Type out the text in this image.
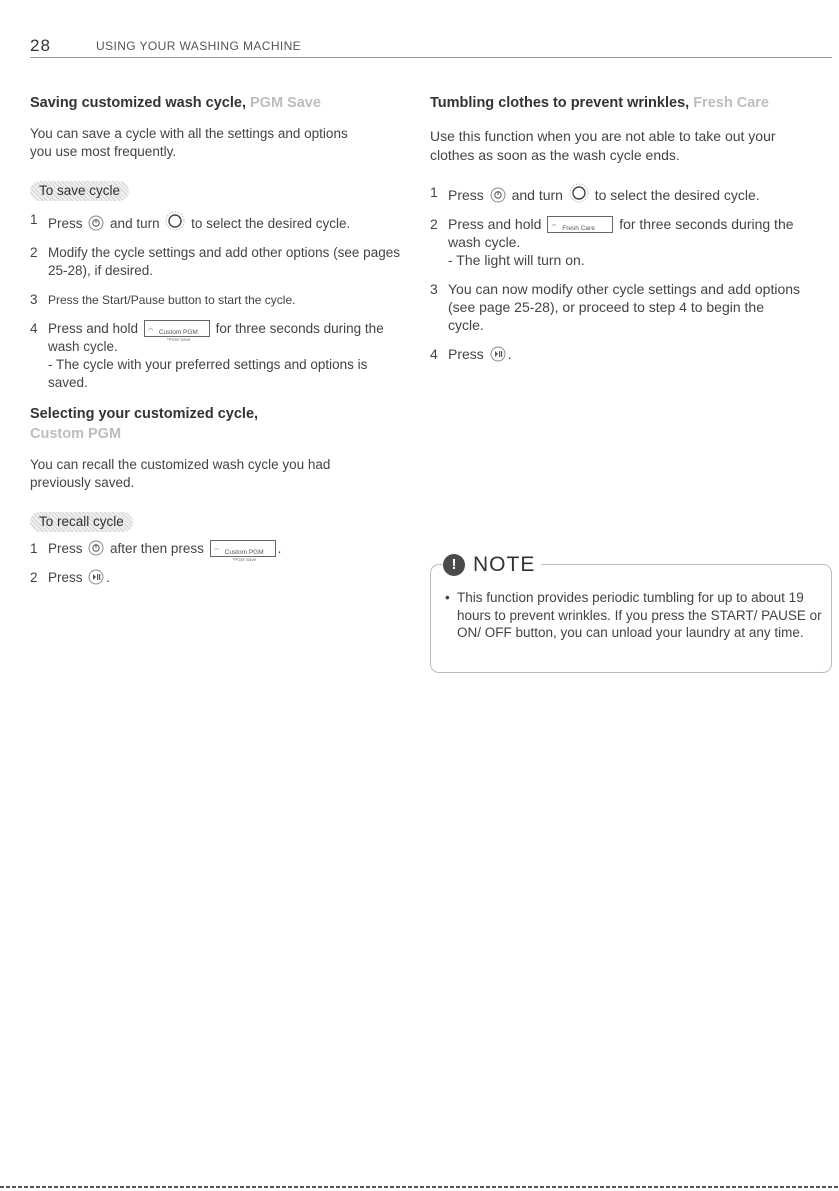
28	USING YOUR WASHING MACHINE
Saving customized wash cycle, PGM Save

You can save a cycle with all the settings and options you use most frequently.

To save cycle
1 Press and turn to select the desired cycle.
2 Modify the cycle settings and add other options (see pages 25-28), if desired.
3 Press the Start/Pause button to start the cycle.
4 Press and hold ◠ Custom PGM
*PGM Save
for three seconds during the wash cycle.
- The cycle with your preferred settings and options is saved.
Selecting your customized cycle,
Custom PGM

You can recall the customized wash cycle you had previously saved.

To recall cycle
1 Press after then press ◠ Custom PGM
*PGM Save
.
2 Press .
Tumbling clothes to prevent wrinkles, Fresh Care

Use this function when you are not able to take out your clothes as soon as the wash cycle ends.

1 Press and turn to select the desired cycle.
2 Press and hold ◠ Fresh Care for three seconds during the wash cycle.
- The light will turn on.
3 You can now modify other cycle settings and add options (see page 25-28), or proceed to step 4 to begin the cycle.
4 Press .
! NOTE
• This function provides periodic tumbling for up to about 19 hours to prevent wrinkles. If you press the START/ PAUSE or ON/ OFF button, you can unload your laundry at any time.
